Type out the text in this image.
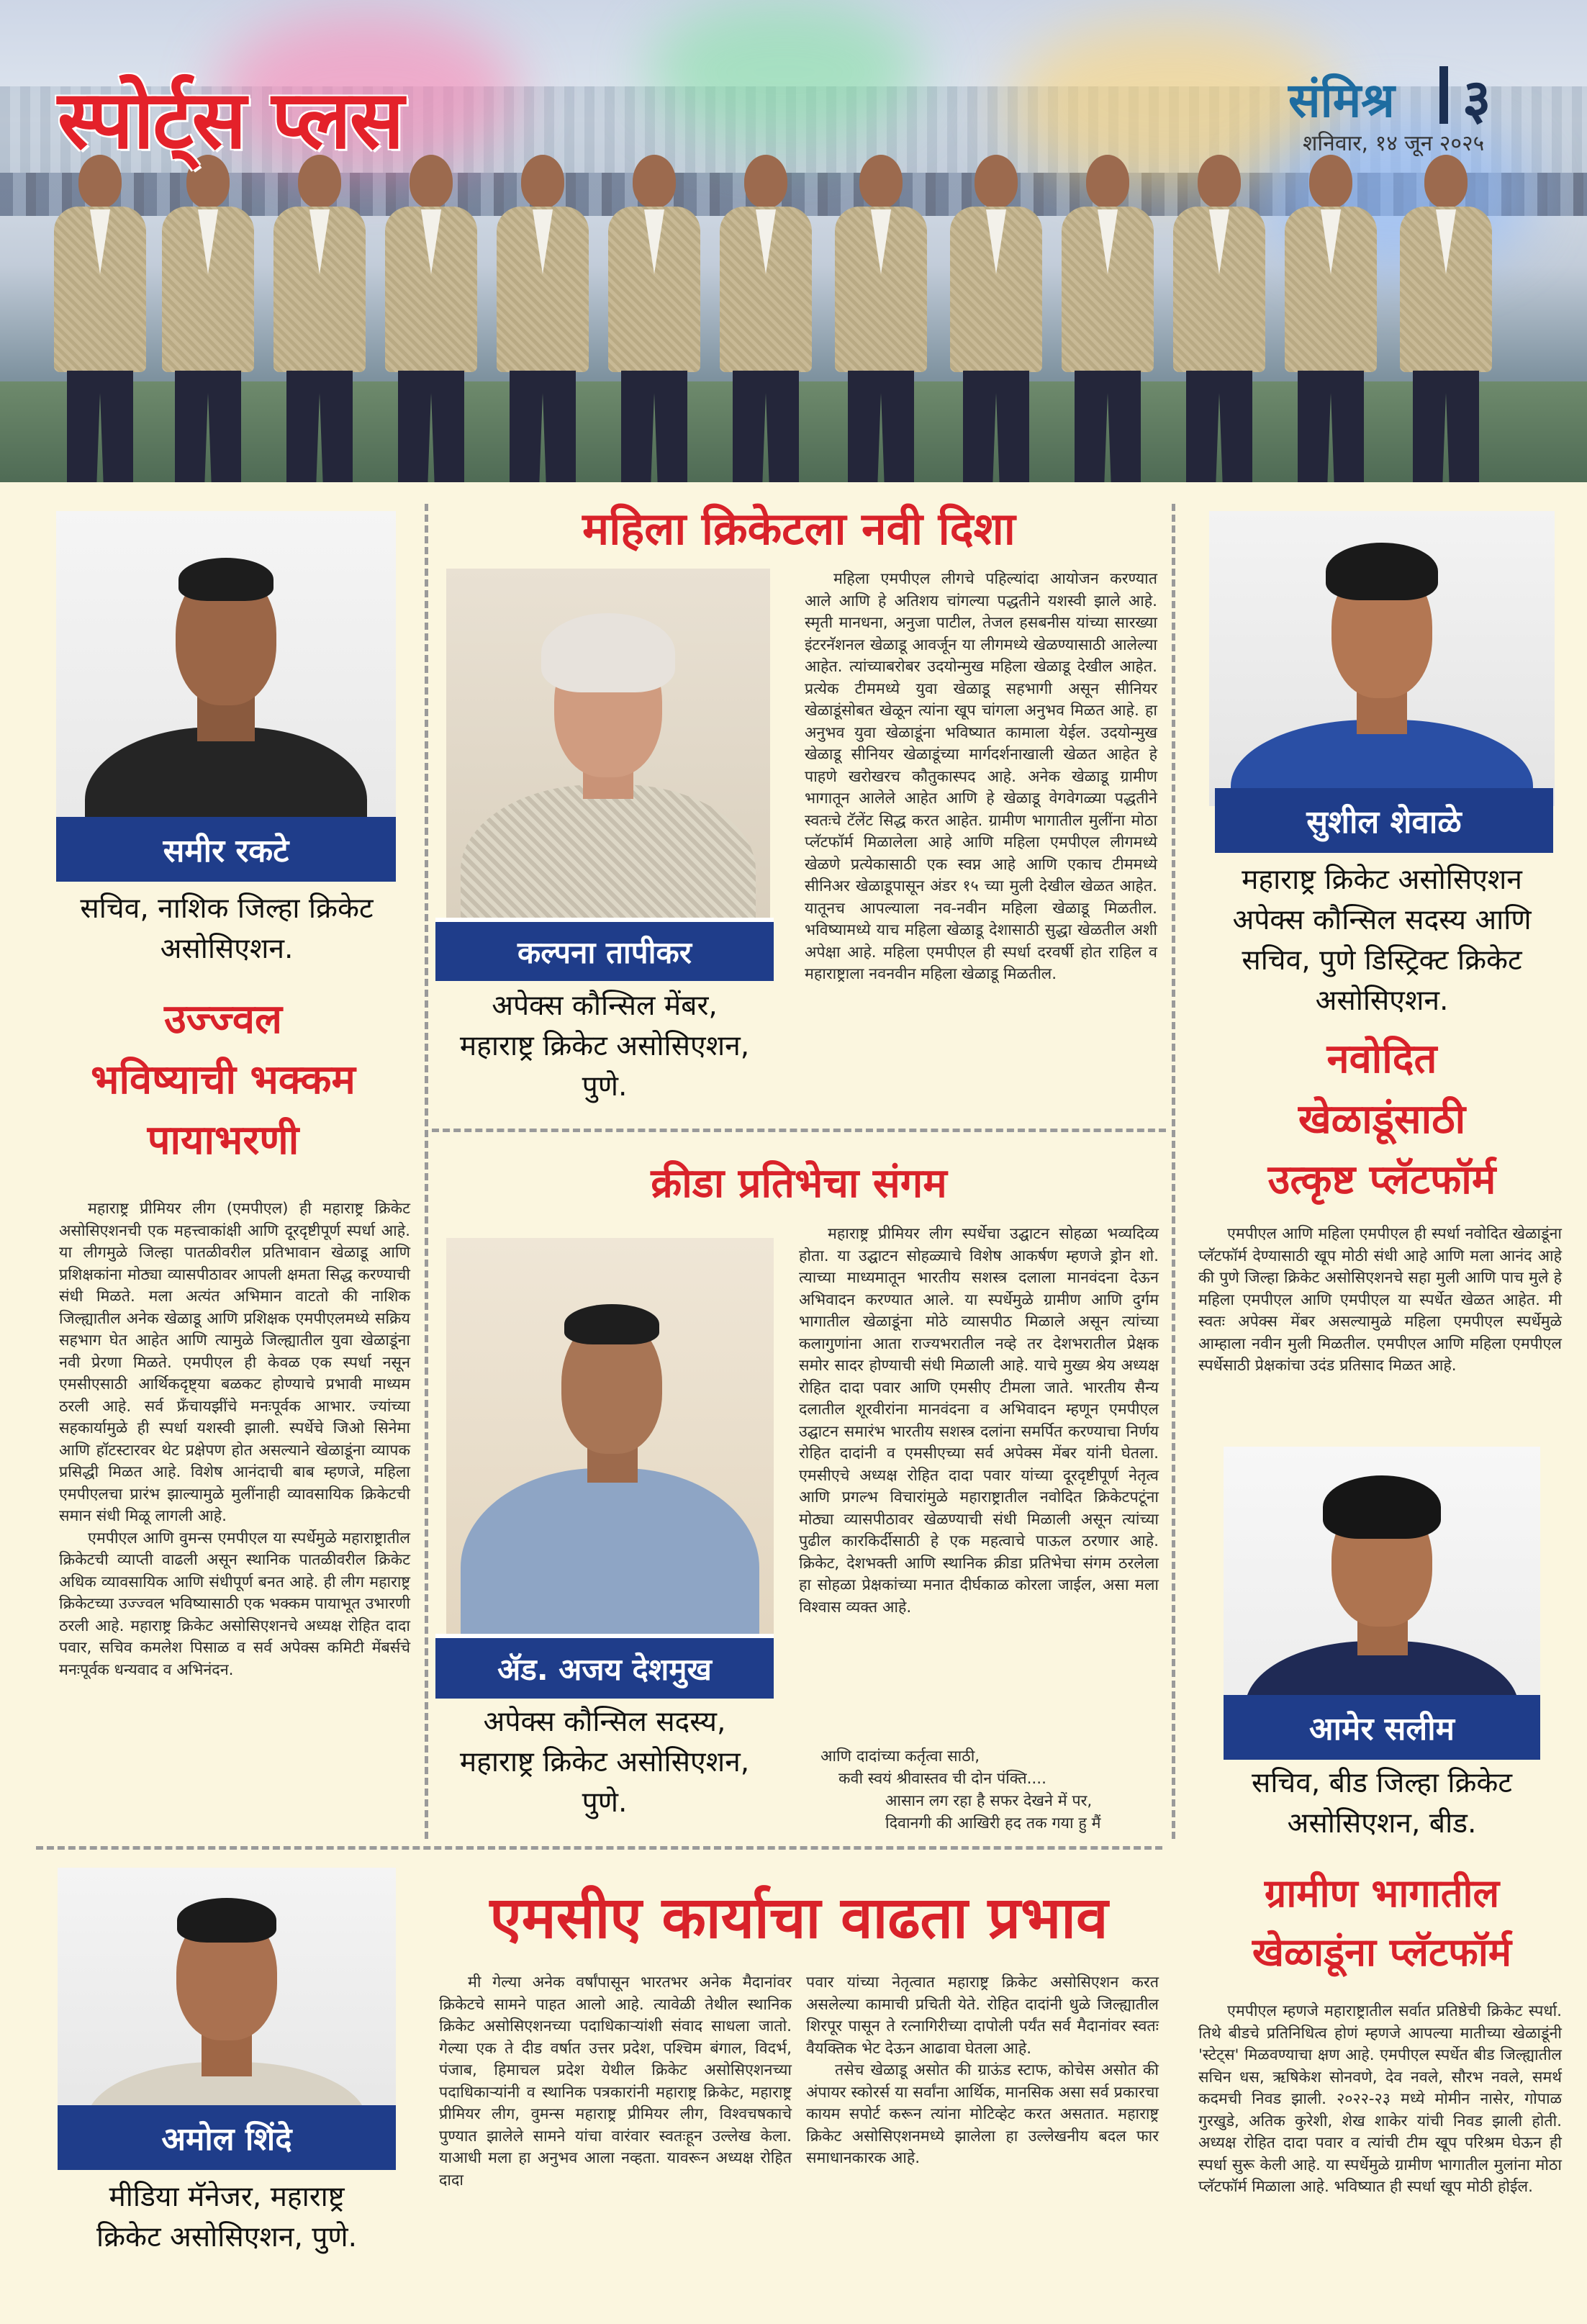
स्पोर्ट्स प्लस	संमिश्र ३
शनिवार, १४ जून २०२५
समीर रकटे
सचिव, नाशिक जिल्हा क्रिकेट असोसिएशन.
उज्ज्वल
भविष्याची भक्कम
पायाभरणी

महाराष्ट्र प्रीमियर लीग (एमपीएल) ही महाराष्ट्र क्रिकेट असोसिएशनची एक महत्त्वाकांक्षी आणि दूरदृष्टीपूर्ण स्पर्धा आहे. या लीगमुळे जिल्हा पातळीवरील प्रतिभावान खेळाडू आणि प्रशिक्षकांना मोठ्या व्यासपीठावर आपली क्षमता सिद्ध करण्याची संधी मिळते. मला अत्यंत अभिमान वाटतो की नाशिक जिल्ह्यातील अनेक खेळाडू आणि प्रशिक्षक एमपीएलमध्ये सक्रिय सहभाग घेत आहेत आणि त्यामुळे जिल्ह्यातील युवा खेळाडूंना नवी प्रेरणा मिळते. एमपीएल ही केवळ एक स्पर्धा नसून एमसीएसाठी आर्थिकदृष्ट्या बळकट होण्याचे प्रभावी माध्यम ठरली आहे. सर्व फ्रँचायझींचे मनःपूर्वक आभार. ज्यांच्या सहकार्यामुळे ही स्पर्धा यशस्वी झाली. स्पर्धेचे जिओ सिनेमा आणि हॉटस्टारवर थेट प्रक्षेपण होत असल्याने खेळाडूंना व्यापक प्रसिद्धी मिळत आहे. विशेष आनंदाची बाब म्हणजे, महिला एमपीएलचा प्रारंभ झाल्यामुळे मुलींनाही व्यावसायिक क्रिकेटची समान संधी मिळू लागली आहे.

एमपीएल आणि वुमन्स एमपीएल या स्पर्धेमुळे महाराष्ट्रातील क्रिकेटची व्याप्ती वाढली असून स्थानिक पातळीवरील क्रिकेट अधिक व्यावसायिक आणि संधीपूर्ण बनत आहे. ही लीग महाराष्ट्र क्रिकेटच्या उज्ज्वल भविष्यासाठी एक भक्कम पायाभूत उभारणी ठरली आहे. महाराष्ट्र क्रिकेट असोसिएशनचे अध्यक्ष रोहित दादा पवार, सचिव कमलेश पिसाळ व सर्व अपेक्स कमिटी मेंबर्सचे मनःपूर्वक धन्यवाद व अभिनंदन.

महिला क्रिकेटला नवी दिशा
कल्पना तापीकर
अपेक्स कौन्सिल मेंबर,
महाराष्ट्र क्रिकेट असोसिएशन,
पुणे.

महिला एमपीएल लीगचे पहिल्यांदा आयोजन करण्यात आले आणि हे अतिशय चांगल्या पद्धतीने यशस्वी झाले आहे. स्मृती मानधना, अनुजा पाटील, तेजल हसबनीस यांच्या सारख्या इंटरनॅशनल खेळाडू आवर्जून या लीगमध्ये खेळण्यासाठी आलेल्या आहेत. त्यांच्याबरोबर उदयोन्मुख महिला खेळाडू देखील आहेत. प्रत्येक टीममध्ये युवा खेळाडू सहभागी असून सीनियर खेळाडूंसोबत खेळून त्यांना खूप चांगला अनुभव मिळत आहे. हा अनुभव युवा खेळाडूंना भविष्यात कामाला येईल. उदयोन्मुख खेळाडू सीनियर खेळाडूंच्या मार्गदर्शनाखाली खेळत आहेत हे पाहणे खरोखरच कौतुकास्पद आहे. अनेक खेळाडू ग्रामीण भागातून आलेले आहेत आणि हे खेळाडू वेगवेगळ्या पद्धतीने स्वतःचे टॅलेंट सिद्ध करत आहेत. ग्रामीण भागातील मुलींना मोठा प्लॅटफॉर्म मिळालेला आहे आणि महिला एमपीएल लीगमध्ये खेळणे प्रत्येकासाठी एक स्वप्न आहे आणि एकाच टीममध्ये सीनिअर खेळाडूपासून अंडर १५ च्या मुली देखील खेळत आहेत. यातूनच आपल्याला नव-नवीन महिला खेळाडू मिळतील. भविष्यामध्ये याच महिला खेळाडू देशासाठी सुद्धा खेळतील अशी अपेक्षा आहे. महिला एमपीएल ही स्पर्धा दरवर्षी होत राहिल व महाराष्ट्राला नवनवीन महिला खेळाडू मिळतील.

क्रीडा प्रतिभेचा संगम
ॲड. अजय देशमुख
अपेक्स कौन्सिल सदस्य,
महाराष्ट्र क्रिकेट असोसिएशन,
पुणे.

महाराष्ट्र प्रीमियर लीग स्पर्धेचा उद्घाटन सोहळा भव्यदिव्य होता. या उद्घाटन सोहळ्याचे विशेष आकर्षण म्हणजे ड्रोन शो. त्याच्या माध्यमातून भारतीय सशस्त्र दलाला मानवंदना देऊन अभिवादन करण्यात आले. या स्पर्धेमुळे ग्रामीण आणि दुर्गम भागातील खेळाडूंना मोठे व्यासपीठ मिळाले असून त्यांच्या कलागुणांना आता राज्यभरातील नव्हे तर देशभरातील प्रेक्षक समोर सादर होण्याची संधी मिळाली आहे. याचे मुख्य श्रेय अध्यक्ष रोहित दादा पवार आणि एमसीए टीमला जाते. भारतीय सैन्य दलातील शूरवीरांना मानवंदना व अभिवादन म्हणून एमपीएल उद्घाटन समारंभ भारतीय सशस्त्र दलांना समर्पित करण्याचा निर्णय रोहित दादांनी व एमसीएच्या सर्व अपेक्स मेंबर यांनी घेतला. एमसीएचे अध्यक्ष रोहित दादा पवार यांच्या दूरदृष्टीपूर्ण नेतृत्व आणि प्रगल्भ विचारांमुळे महाराष्ट्रातील नवोदित क्रिकेटपटूंना मोठ्या व्यासपीठावर खेळण्याची संधी मिळाली असून त्यांच्या पुढील कारकिर्दीसाठी हे एक महत्वाचे पाऊल ठरणार आहे. क्रिकेट, देशभक्ती आणि स्थानिक क्रीडा प्रतिभेचा संगम ठरलेला हा सोहळा प्रेक्षकांच्या मनात दीर्घकाळ कोरला जाईल, असा मला विश्वास व्यक्त आहे.

आणि दादांच्या कर्तृत्वा साठी,
कवी स्वयं श्रीवास्तव ची दोन पंक्ति....
आसान लग रहा है सफर देखने में पर,
दिवानगी की आखिरी हद तक गया हु मैं
सुशील शेवाळे
महाराष्ट्र क्रिकेट असोसिएशन
अपेक्स कौन्सिल सदस्य आणि
सचिव, पुणे डिस्ट्रिक्ट क्रिकेट
असोसिएशन.
नवोदित
खेळाडूंसाठी
उत्कृष्ट प्लॅटफॉर्म

एमपीएल आणि महिला एमपीएल ही स्पर्धा नवोदित खेळाडूंना प्लॅटफॉर्म देण्यासाठी खूप मोठी संधी आहे आणि मला आनंद आहे की पुणे जिल्हा क्रिकेट असोसिएशनचे सहा मुली आणि पाच मुले हे महिला एमपीएल आणि एमपीएल या स्पर्धेत खेळत आहेत. मी स्वतः अपेक्स मेंबर असल्यामुळे महिला एमपीएल स्पर्धेमुळे आम्हाला नवीन मुली मिळतील. एमपीएल आणि महिला एमपीएल स्पर्धेसाठी प्रेक्षकांचा उदंड प्रतिसाद मिळत आहे.

आमेर सलीम
सचिव, बीड जिल्हा क्रिकेट
असोसिएशन, बीड.
ग्रामीण भागातील
खेळाडूंना प्लॅटफॉर्म

एमपीएल म्हणजे महाराष्ट्रातील सर्वात प्रतिष्ठेची क्रिकेट स्पर्धा. तिथे बीडचे प्रतिनिधित्व होणं म्हणजे आपल्या मातीच्या खेळाडूंनी 'स्टेट्स' मिळवण्याचा क्षण आहे. एमपीएल स्पर्धेत बीड जिल्ह्यातील सचिन धस, ऋषिकेश सोनवणे, देव नवले, सौरभ नवले, समर्थ कदमची निवड झाली. २०२२-२३ मध्ये मोमीन नासेर, गोपाळ गुरखुडे, अतिक कुरेशी, शेख शाकेर यांची निवड झाली होती. अध्यक्ष रोहित दादा पवार व त्यांची टीम खूप परिश्रम घेऊन ही स्पर्धा सुरू केली आहे. या स्पर्धेमुळे ग्रामीण भागातील मुलांना मोठा प्लॅटफॉर्म मिळाला आहे. भविष्यात ही स्पर्धा खूप मोठी होईल.

अमोल शिंदे
मीडिया मॅनेजर, महाराष्ट्र
क्रिकेट असोसिएशन, पुणे.
एमसीए कार्याचा वाढता प्रभाव

मी गेल्या अनेक वर्षांपासून भारतभर अनेक मैदानांवर क्रिकेटचे सामने पाहत आलो आहे. त्यावेळी तेथील स्थानिक क्रिकेट असोसिएशनच्या पदाधिकाऱ्यांशी संवाद साधला जातो. गेल्या एक ते दीड वर्षात उत्तर प्रदेश, पश्चिम बंगाल, विदर्भ, पंजाब, हिमाचल प्रदेश येथील क्रिकेट असोसिएशनच्या पदाधिकाऱ्यांनी व स्थानिक पत्रकारांनी महाराष्ट्र क्रिकेट, महाराष्ट्र प्रीमियर लीग, वुमन्स महाराष्ट्र प्रीमियर लीग, विश्वचषकाचे पुण्यात झालेले सामने यांचा वारंवार स्वतःहून उल्लेख केला. याआधी मला हा अनुभव आला नव्हता. यावरून अध्यक्ष रोहित दादा

पवार यांच्या नेतृत्वात महाराष्ट्र क्रिकेट असोसिएशन करत असलेल्या कामाची प्रचिती येते. रोहित दादांनी धुळे जिल्ह्यातील शिरपूर पासून ते रत्नागिरीच्या दापोली पर्यंत सर्व मैदानांवर स्वतः वैयक्तिक भेट देऊन आढावा घेतला आहे.

तसेच खेळाडू असोत की ग्राऊंड स्टाफ, कोचेस असोत की अंपायर स्कोरर्स या सर्वांना आर्थिक, मानसिक असा सर्व प्रकारचा कायम सपोर्ट करून त्यांना मोटिव्हेट करत असतात. महाराष्ट्र क्रिकेट असोसिएशनमध्ये झालेला हा उल्लेखनीय बदल फार समाधानकारक आहे.
